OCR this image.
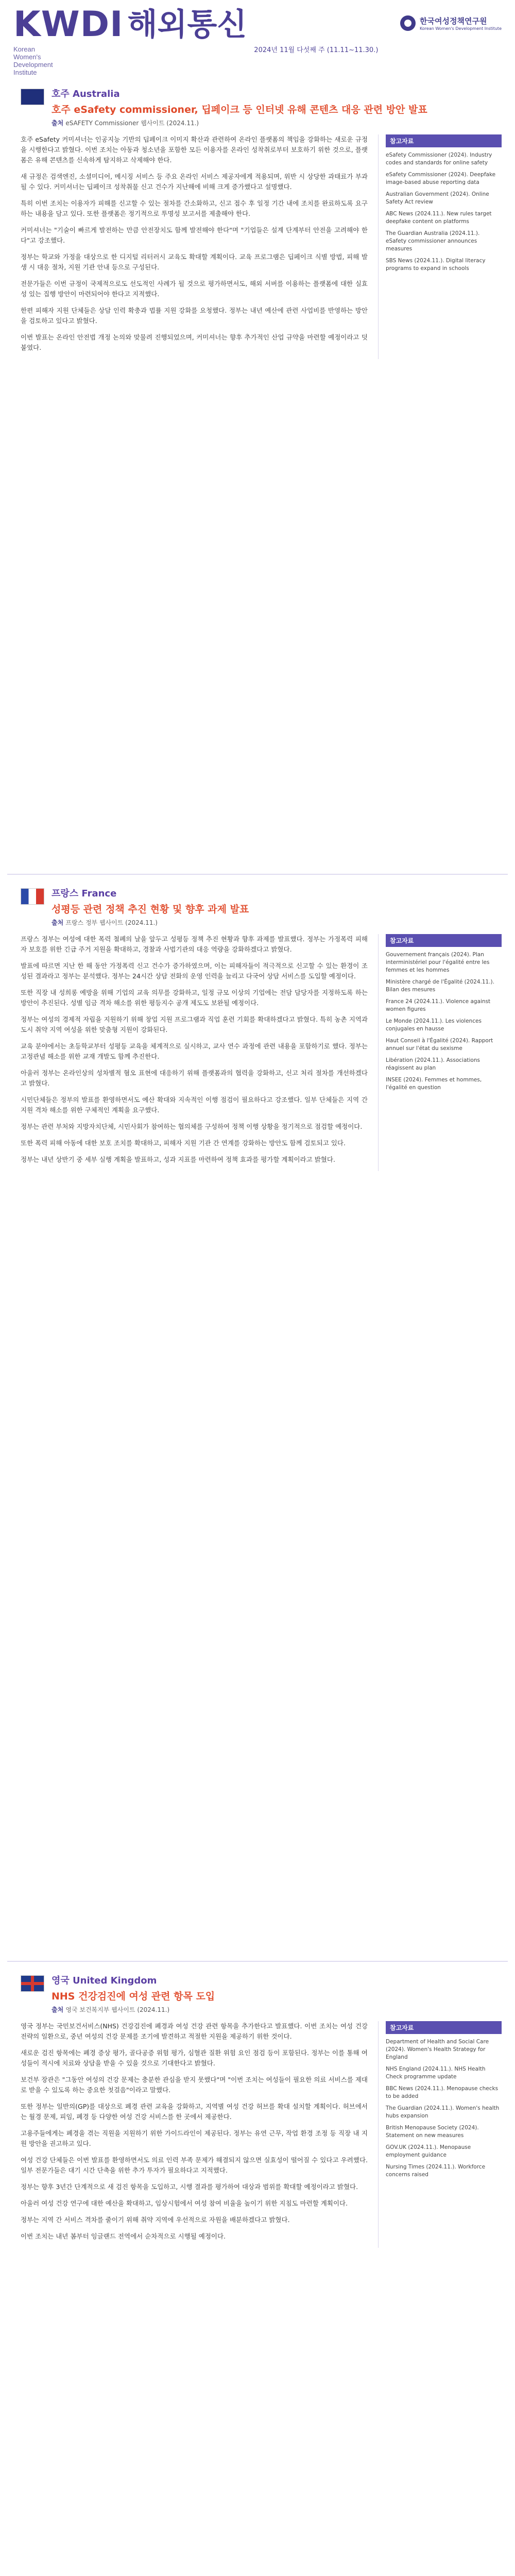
KWDI 해외통신
Korean
Women's
Development
Institute
2024년 11월 다섯째 주 (11.11~11.30.)
한국여성정책연구원
Korean Women's Development Institute
호주 Australia
호주 eSafety commissioner, 딥페이크 등 인터넷 유해 콘텐츠 대응 관련 방안 발표
출처 eSAFETY Commissioner 웹사이트 (2024.11.)

호주 eSafety 커미셔너는 인공지능 기반의 딥페이크 이미지 확산과 관련하여 온라인 플랫폼의 책임을 강화하는 새로운 규정을 시행한다고 밝혔다. 이번 조치는 아동과 청소년을 포함한 모든 이용자를 온라인 성착취로부터 보호하기 위한 것으로, 플랫폼은 유해 콘텐츠를 신속하게 탐지하고 삭제해야 한다.

새 규정은 검색엔진, 소셜미디어, 메시징 서비스 등 주요 온라인 서비스 제공자에게 적용되며, 위반 시 상당한 과태료가 부과될 수 있다. 커미셔너는 딥페이크 성착취물 신고 건수가 지난해에 비해 크게 증가했다고 설명했다.

특히 이번 조치는 이용자가 피해를 신고할 수 있는 절차를 간소화하고, 신고 접수 후 일정 기간 내에 조치를 완료하도록 요구하는 내용을 담고 있다. 또한 플랫폼은 정기적으로 투명성 보고서를 제출해야 한다.

커미셔너는 "기술이 빠르게 발전하는 만큼 안전장치도 함께 발전해야 한다"며 "기업들은 설계 단계부터 안전을 고려해야 한다"고 강조했다.

정부는 학교와 가정을 대상으로 한 디지털 리터러시 교육도 확대할 계획이다. 교육 프로그램은 딥페이크 식별 방법, 피해 발생 시 대응 절차, 지원 기관 안내 등으로 구성된다.

전문가들은 이번 규정이 국제적으로도 선도적인 사례가 될 것으로 평가하면서도, 해외 서버를 이용하는 플랫폼에 대한 실효성 있는 집행 방안이 마련되어야 한다고 지적했다.

한편 피해자 지원 단체들은 상담 인력 확충과 법률 지원 강화를 요청했다. 정부는 내년 예산에 관련 사업비를 반영하는 방안을 검토하고 있다고 밝혔다.

이번 발표는 온라인 안전법 개정 논의와 맞물려 진행되었으며, 커미셔너는 향후 추가적인 산업 규약을 마련할 예정이라고 덧붙였다.

참고자료
eSafety Commissioner (2024). Industry codes and standards for online safety
eSafety Commissioner (2024). Deepfake image-based abuse reporting data
Australian Government (2024). Online Safety Act review
ABC News (2024.11.). New rules target deepfake content on platforms
The Guardian Australia (2024.11.). eSafety commissioner announces measures
SBS News (2024.11.). Digital literacy programs to expand in schools
프랑스 France
성평등 관련 정책 추진 현황 및 향후 과제 발표
출처 프랑스 정부 웹사이트 (2024.11.)

프랑스 정부는 여성에 대한 폭력 철폐의 날을 앞두고 성평등 정책 추진 현황과 향후 과제를 발표했다. 정부는 가정폭력 피해자 보호를 위한 긴급 주거 지원을 확대하고, 경찰과 사법기관의 대응 역량을 강화하겠다고 밝혔다.

발표에 따르면 지난 한 해 동안 가정폭력 신고 건수가 증가하였으며, 이는 피해자들이 적극적으로 신고할 수 있는 환경이 조성된 결과라고 정부는 분석했다. 정부는 24시간 상담 전화의 운영 인력을 늘리고 다국어 상담 서비스를 도입할 예정이다.

또한 직장 내 성희롱 예방을 위해 기업의 교육 의무를 강화하고, 일정 규모 이상의 기업에는 전담 담당자를 지정하도록 하는 방안이 추진된다. 성별 임금 격차 해소를 위한 평등지수 공개 제도도 보완될 예정이다.

정부는 여성의 경제적 자립을 지원하기 위해 창업 지원 프로그램과 직업 훈련 기회를 확대하겠다고 밝혔다. 특히 농촌 지역과 도시 취약 지역 여성을 위한 맞춤형 지원이 강화된다.

교육 분야에서는 초등학교부터 성평등 교육을 체계적으로 실시하고, 교사 연수 과정에 관련 내용을 포함하기로 했다. 정부는 고정관념 해소를 위한 교재 개발도 함께 추진한다.

아울러 정부는 온라인상의 성차별적 혐오 표현에 대응하기 위해 플랫폼과의 협력을 강화하고, 신고 처리 절차를 개선하겠다고 밝혔다.

시민단체들은 정부의 발표를 환영하면서도 예산 확대와 지속적인 이행 점검이 필요하다고 강조했다. 일부 단체들은 지역 간 지원 격차 해소를 위한 구체적인 계획을 요구했다.

정부는 관련 부처와 지방자치단체, 시민사회가 참여하는 협의체를 구성하여 정책 이행 상황을 정기적으로 점검할 예정이다.

또한 폭력 피해 아동에 대한 보호 조치를 확대하고, 피해자 지원 기관 간 연계를 강화하는 방안도 함께 검토되고 있다.

정부는 내년 상반기 중 세부 실행 계획을 발표하고, 성과 지표를 마련하여 정책 효과를 평가할 계획이라고 밝혔다.

참고자료
Gouvernement français (2024). Plan interministériel pour l'égalité entre les femmes et les hommes
Ministère chargé de l'Égalité (2024.11.). Bilan des mesures
France 24 (2024.11.). Violence against women figures
Le Monde (2024.11.). Les violences conjugales en hausse
Haut Conseil à l'Égalité (2024). Rapport annuel sur l'état du sexisme
Libération (2024.11.). Associations réagissent au plan
INSEE (2024). Femmes et hommes, l'égalité en question
영국 United Kingdom
NHS 건강검진에 여성 관련 항목 도입
출처 영국 보건복지부 웹사이트 (2024.11.)

영국 정부는 국민보건서비스(NHS) 건강검진에 폐경과 여성 건강 관련 항목을 추가한다고 발표했다. 이번 조치는 여성 건강 전략의 일환으로, 중년 여성의 건강 문제를 조기에 발견하고 적절한 지원을 제공하기 위한 것이다.

새로운 검진 항목에는 폐경 증상 평가, 골다공증 위험 평가, 심혈관 질환 위험 요인 점검 등이 포함된다. 정부는 이를 통해 여성들이 적시에 치료와 상담을 받을 수 있을 것으로 기대한다고 밝혔다.

보건부 장관은 "그동안 여성의 건강 문제는 충분한 관심을 받지 못했다"며 "이번 조치는 여성들이 필요한 의료 서비스를 제대로 받을 수 있도록 하는 중요한 첫걸음"이라고 말했다.

또한 정부는 일반의(GP)를 대상으로 폐경 관련 교육을 강화하고, 지역별 여성 건강 허브를 확대 설치할 계획이다. 허브에서는 월경 문제, 피임, 폐경 등 다양한 여성 건강 서비스를 한 곳에서 제공한다.

고용주들에게는 폐경을 겪는 직원을 지원하기 위한 가이드라인이 제공된다. 정부는 유연 근무, 작업 환경 조정 등 직장 내 지원 방안을 권고하고 있다.

여성 건강 단체들은 이번 발표를 환영하면서도 의료 인력 부족 문제가 해결되지 않으면 실효성이 떨어질 수 있다고 우려했다. 일부 전문가들은 대기 시간 단축을 위한 추가 투자가 필요하다고 지적했다.

정부는 향후 3년간 단계적으로 새 검진 항목을 도입하고, 시행 결과를 평가하여 대상과 범위를 확대할 예정이라고 밝혔다.

아울러 여성 건강 연구에 대한 예산을 확대하고, 임상시험에서 여성 참여 비율을 높이기 위한 지침도 마련할 계획이다.

정부는 지역 간 서비스 격차를 줄이기 위해 취약 지역에 우선적으로 자원을 배분하겠다고 밝혔다.

이번 조치는 내년 봄부터 잉글랜드 전역에서 순차적으로 시행될 예정이다.

참고자료
Department of Health and Social Care (2024). Women's Health Strategy for England
NHS England (2024.11.). NHS Health Check programme update
BBC News (2024.11.). Menopause checks to be added
The Guardian (2024.11.). Women's health hubs expansion
British Menopause Society (2024). Statement on new measures
GOV.UK (2024.11.). Menopause employment guidance
Nursing Times (2024.11.). Workforce concerns raised
